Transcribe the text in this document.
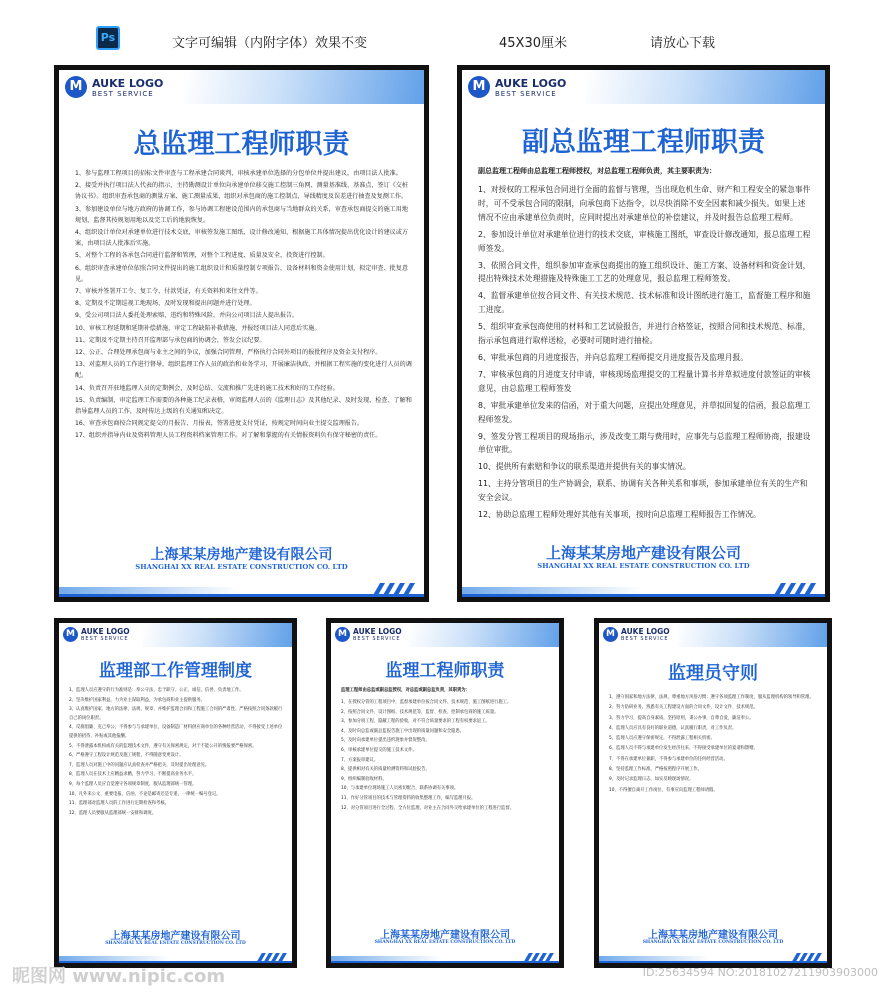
Ps	文字可编辑（内附字体）效果不变	45X30厘米	请放心下载
M AUKE LOGO
BEST SERVICE
总监理工程师职责

1、参与监理工程项目的招标文件审查与工程承建合同谈判，审核承建单位选择的分包单位并提出建议，由项目法人批准。

2、接受并执行项目法人代表的指示，主持勘测设计单位向承建单位移交施工控制三角网、测量基准线、基准点，签订《交桩协议书》。组织审查承包商的测量方案、施工测量成果，组织对承包商的施工控制点、导线精度及误差进行抽查及复测工作。

3、参加建设单位与地方政府的协调工作，参与协调工程建设范围内的承包商与当地群众的关系，审查承包商提交的施工用地规划，监督其按规划用地以及完工后的地貌恢复。

4、组织设计单位对承建单位进行技术交底，审核签发施工图纸、设计修改通知，根据施工具体情况提出优化设计的建议或方案，由项目法人批准后实施。

5、对整个工程的各承包合同进行监督和管理，对整个工程进度、质量及安全、投资进行控制。

6、组织审查承建单位依照合同文件提出的施工组织设计和质量控制专项报告，设备材料和资金使用计划，拟定审查、批复意见。

7、审核并签署开工令、复工令、付款凭证，有关资料和来往文件等。

8、定期及不定期巡视工地现场，及时发现和提出问题并进行处理。

9、受公司项目法人委托处理索赔、违约和特殊风险，并向公司项目法人提出报告。

10、审核工程延期和延期补偿措施，审定工程缺陷补救措施，并报经项目法人同意后实施。

11、定期及不定期主持召开监理部与承包商的协调会，签发会议纪要。

12、公正、合理处理承包商与业主之间的争议，加强合同管理，严格执行合同外项目的报批程序及资金支付程序。

13、对监理人员的工作进行督导，组织监理工作人员的政治和业务学习，开展廉洁执政、并根据工程实施的变化进行人员的调配。

14、负责召开驻地监理人员的定期例会，及时总结、交流和推广先进的施工技术和好的工作经验。

15、负责编制、审定监理工作需要的各种施工纪录表格，审阅监理人员的《监理日志》及其他纪录、及时发现、检查、了解和指导监理人员的工作，及时传达上级的有关通知和决定。

16、审查承包商按合同规定提交的月报告、月报表，签署进度支付凭证，按规定时间向业主提交监理报告。

17、组织并指导内业及资料管理人员工程资料档案管理工作。对了解和掌握的有关情报资料负有保守秘密的责任。

上海某某房地产建设有限公司
SHANGHAI XX REAL ESTATE CONSTRUCTION CO. LTD
M AUKE LOGO
BEST SERVICE
副总监理工程师职责
副总监理工程师由总监理工程师授权，对总监理工程师负责，其主要职责为：

1、对授权的工程承包合同进行全面的监督与管理，当出现危机生命、财产和工程安全的紧急事件时，可不受承包合同的限制，向承包商下达指令，以尽快消除不安全因素和减少损失。如果上述情况不应由承建单位负责时，应同时提出对承建单位的补偿建议，并及时报告总监理工程师。

2、参加设计单位对承建单位进行的技术交底，审核施工图纸，审查设计修改通知，报总监理工程师签发。

3、依照合同文件，组织参加审查承包商提出的施工组织设计、施工方案、设备材料和资金计划，提出特殊技术处理措施及特殊施工工艺的处理意见，报总监理工程师签发。

4、监督承建单位按合同文件、有关技术规范、技术标准和设计图纸进行施工，监督施工程序和施工进度。

5、组织审查承包商使用的材料和工艺试验报告，并进行合格签证，按照合同和技术规范、标准，指示承包商进行取样送检，必要时可随时进行抽检。

6、审批承包商的月进度报告，并向总监理工程师提交月进度报告及监理月报。

7、审核承包商的月进度支付申请，审核现场监理提交的工程量计算书并草拟进度付款签证的审核意见，由总监理工程师签发

8、审批承建单位发来的信函，对于重大问题，应提出处理意见，并草拟回复的信函，报总监理工程师签发。

9、签发分管工程项目的现场指示，涉及改变工期与费用时，应事先与总监理工程师协商，报建设单位审批。

10、提供所有索赔和争议的联系渠道并提供有关的事实情况。

11、主持分管项目的生产协调会，联系、协调有关各种关系和事项，参加承建单位有关的生产和安全会议。

12、协助总监理工程师处理好其他有关事项，按时向总监理工程师报告工作情况。

上海某某房地产建设有限公司
SHANGHAI XX REAL ESTATE CONSTRUCTION CO. LTD
M AUKE LOGO
BEST SERVICE
监理部工作管理制度

1、监理人员应遵守的行为准则是：奉公守法、忠于职守、公正、诚信、信誉、负责地工作。

2、坚决维护国家利益，力为业主谋取利益，为承包商和业主提供服务。

3、认真维护国家、地方的法律、法规、规章，并维护监理合同和工程施工合同的严肃性。严格按照合同条款履行自己的岗位职责。

4、反腐倡廉、克己奉公，不得参与与承建单位、设备制造厂材料供应商单位的各种经营活动，不得接受上述单位提供的招待、补贴或其他报酬。

5、不得泄露本机构或有关的监理技术文件，遵守有关保密规定，对于不能公开的情报要严格保密。

6、严格遵守工程设计规范及施工规程，不得随意变更设计。

7、监理人员对施工中的问题应认真检查并严格把关，及时提出处理意见。

8、监理人员在技术上应精益求精，努力学习，不断提高业务水平。

9、每个监理人员应自觉遵守各项规章制度，服从监理部统一管理。

10、凡外来公文、重要电报、信函、不论是邮寄还是专递，一律统一编号登记。

11、监理部对监理人员的工作进行定期检查和考核。

12、监理人员要服从监理部统一安排和调度。

上海某某房地产建设有限公司
SHANGHAI XX REAL ESTATE CONSTRUCTION CO. LTD
M AUKE LOGO
BEST SERVICE
监理工程师职责
监理工程师由总监或副总监授权，对总监或副总监负责，其职责为：

1、在授权分管的工程项目中，监督承建单位按合同文件、技术规范、施工图纸进行施工。

2、按照合同文件、设计图纸、技术规范等，监督、检查、控制承包商的施工质量。

3、参加分项工程、隐蔽工程的验收，对不符合质量要求的工程有权要求返工。

4、及时向总监或副总监报告施工中出现的质量问题和安全隐患。

5、及时向承建单位提出违约现象并督促整改。

6、审核承建单位提交的施工技术文件。

7、方案报审建议。

8、提供相对有关的质量检测资料和试验报告。

9、组织编制验收材料。

10、与承建单位现场施工人员密切配合，联系协调有关事项。

11、作好分管项目的技术与管理资料的收集整理工作，编写监理月报。

12、对分管项目进行全过程、全方位监理，对业主在合同外交给承建单位的工程进行监督。

上海某某房地产建设有限公司
SHANGHAI XX REAL ESTATE CONSTRUCTION CO. LTD
M AUKE LOGO
BEST SERVICE
监理员守则

1、遵守国家和地方法律、法规，尊重地方风俗习惯；遵守各项监理工作制度，服从监理机构的领导和管理。

2、努力钻研业务，熟悉有关工程建设方面的合同文件、设计文件、技术规范。

3、努力学习，提高自身素质，坚持原则，秉公办事，自尊自爱，廉洁奉公。

4、监理人员应具有良好的职业道德，认真履行职责，对工作负责。

5、监理人员应遵守保密规定，不得泄露工程相关机密。

6、监理人员不得与承建单位发生经济往来，不得接受承建单位的宴请和馈赠。

7、不得在承建单位兼职，不得参与承建单位的任何经营活动。

8、坚持监理工作标准，严格按照程序开展工作。

9、及时记录监理日志，如实反映现场情况。

10、不得擅自离开工作岗位，有事应向监理工程师请假。

上海某某房地产建设有限公司
SHANGHAI XX REAL ESTATE CONSTRUCTION CO. LTD
昵图网 www.nipic.com	ID:25634594 NO:20181027211903903000
